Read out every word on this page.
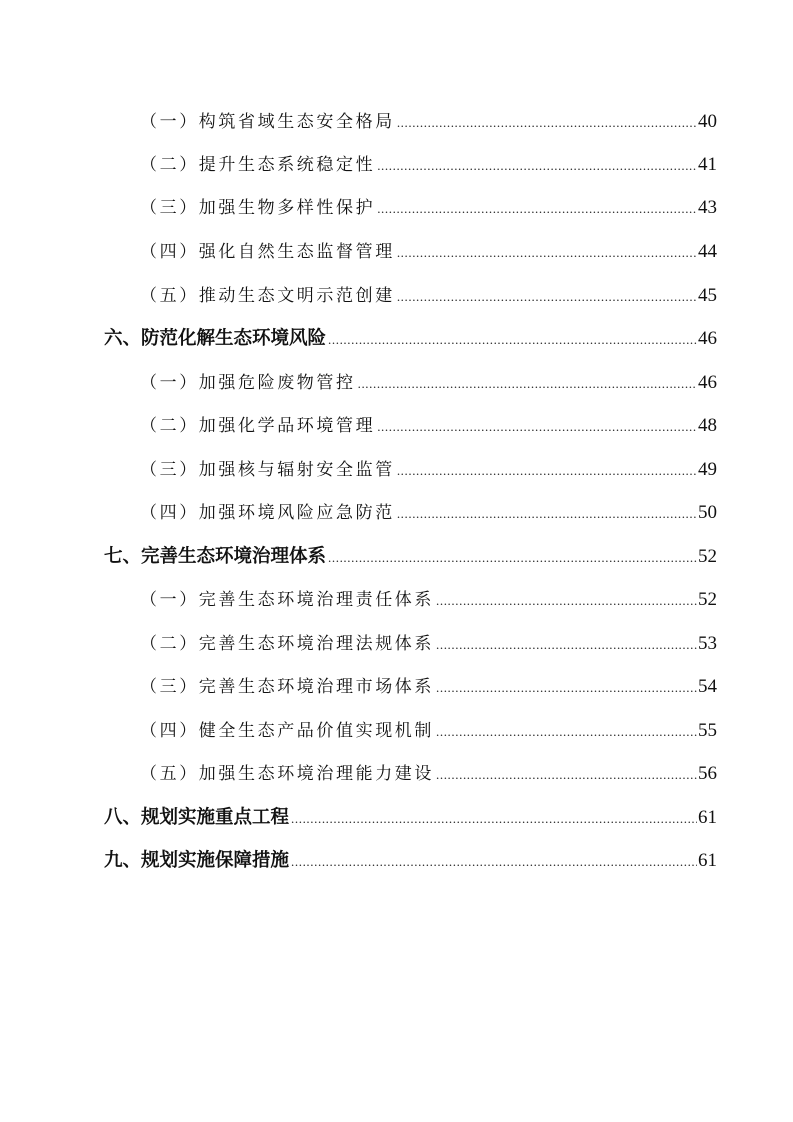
（一）构筑省域生态安全格局 .....	40
（二）提升生态系统稳定性 .....	41
（三）加强生物多样性保护 .....	43
（四）强化自然生态监督管理 .....	44
（五）推动生态文明示范创建 .....	45
六、防范化解生态环境风险 .....	46
（一）加强危险废物管控 .....	46
（二）加强化学品环境管理 .....	48
（三）加强核与辐射安全监管 .....	49
（四）加强环境风险应急防范 .....	50
七、完善生态环境治理体系 .....	52
（一）完善生态环境治理责任体系 .....	52
（二）完善生态环境治理法规体系 .....	53
（三）完善生态环境治理市场体系 .....	54
（四）健全生态产品价值实现机制 .....	55
（五）加强生态环境治理能力建设 .....	56
八、规划实施重点工程 .....	61
九、规划实施保障措施 .....	61
